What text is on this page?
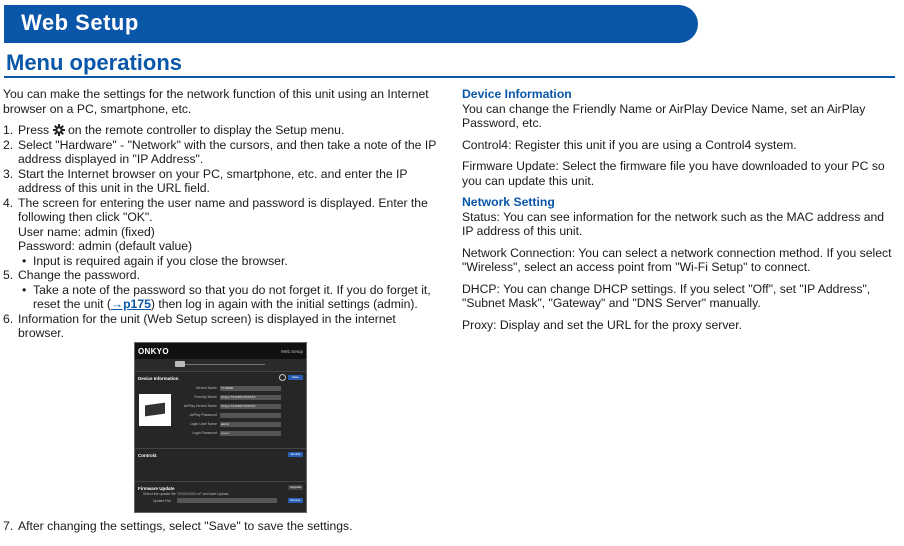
Web Setup
Menu operations

You can make the settings for the network function of this unit using an Internet browser on a PC, smartphone, etc.

1. Press on the remote controller to display the Setup menu.
2. Select "Hardware" - "Network" with the cursors, and then take a note of the IP address displayed in "IP Address".
3. Start the Internet browser on your PC, smartphone, etc. and enter the IP address of this unit in the URL field.
4. The screen for entering the user name and password is displayed. Enter the following then click "OK".
User name: admin (fixed)
Password: admin (default value)
• Input is required again if you close the browser.
5. Change the password.
• Take a note of the password so that you do not forget it. If you do forget it, reset the unit (→p175) then log in again with the initial settings (admin).
6. Information for the unit (Web Setup screen) is displayed in the internet browser.
7. After changing the settings, select "Save" to save the settings.
ONKYO	Web Setup
Device Information	Save
Device Name	TX-RZ50
Friendly Name	Onkyo TX-RZ50 XXXXXX
AirPlay Device Name	Onkyo TX-RZ50 XXXXXX
AirPlay Password
Login User Name	admin
Login Password	••••••••
Control4	Identify
Firmware Update	Upgrade
Select the update file "XXXXXXXX.of" and start Upload.
Update File	Browse
Device Information

You can change the Friendly Name or AirPlay Device Name, set an AirPlay Password, etc.

Control4: Register this unit if you are using a Control4 system.

Firmware Update: Select the firmware file you have downloaded to your PC so you can update this unit.

Network Setting

Status: You can see information for the network such as the MAC address and IP address of this unit.

Network Connection: You can select a network connection method. If you select "Wireless", select an access point from "Wi-Fi Setup" to connect.

DHCP: You can change DHCP settings. If you select "Off", set "IP Address", "Subnet Mask", "Gateway" and "DNS Server" manually.

Proxy: Display and set the URL for the proxy server.
